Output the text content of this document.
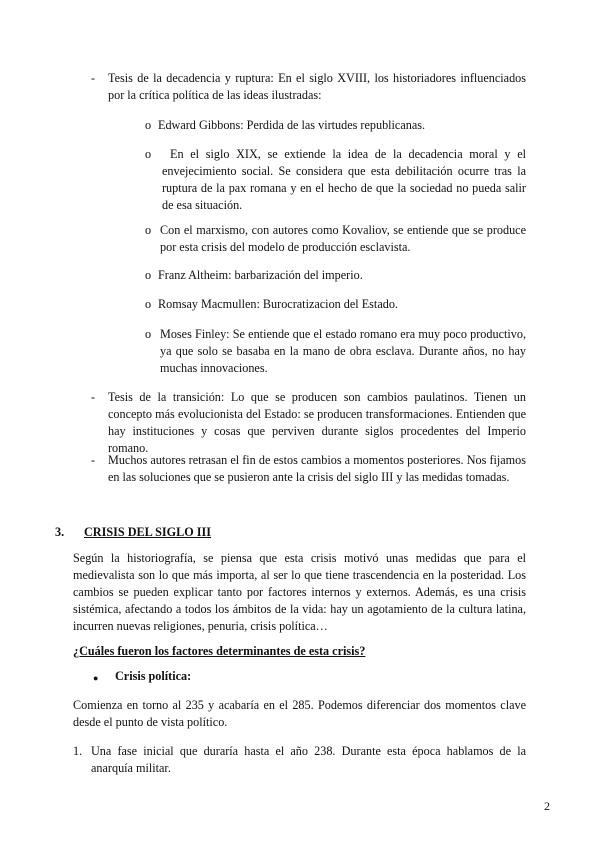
- Tesis de la decadencia y ruptura: En el siglo XVIII, los historiadores influenciados por la crítica política de las ideas ilustradas:
o Edward Gibbons: Perdida de las virtudes republicanas.
o	En el siglo XIX, se extiende la idea de la decadencia moral y el envejecimiento social. Se considera que esta debilitación ocurre tras la ruptura de la pax romana y en el hecho de que la sociedad no pueda salir de esa situación.
o Con el marxismo, con autores como Kovaliov, se entiende que se produce por esta crisis del modelo de producción esclavista.
o Franz Altheim: barbarización del imperio.
o Romsay Macmullen: Burocratizacion del Estado.
o Moses Finley: Se entiende que el estado romano era muy poco productivo, ya que solo se basaba en la mano de obra esclava. Durante años, no hay muchas innovaciones.
- Tesis de la transición: Lo que se producen son cambios paulatinos. Tienen un concepto más evolucionista del Estado: se producen transformaciones. Entienden que hay instituciones y cosas que perviven durante siglos procedentes del Imperio romano.
- Muchos autores retrasan el fin de estos cambios a momentos posteriores. Nos fijamos en las soluciones que se pusieron ante la crisis del siglo III y las medidas tomadas.
3. CRISIS DEL SIGLO III
Según la historiografía, se piensa que esta crisis motivó unas medidas que para el medievalista son lo que más importa, al ser lo que tiene trascendencia en la posteridad. Los cambios se pueden explicar tanto por factores internos y externos. Además, es una crisis sistémica, afectando a todos los ámbitos de la vida: hay un agotamiento de la cultura latina, incurren nuevas religiones, penuria, crisis política…
¿Cuáles fueron los factores determinantes de esta crisis?
● Crisis política:
Comienza en torno al 235 y acabaría en el 285. Podemos diferenciar dos momentos clave desde el punto de vista político.
1. Una fase inicial que duraría hasta el año 238. Durante esta época hablamos de la anarquía militar.
2
